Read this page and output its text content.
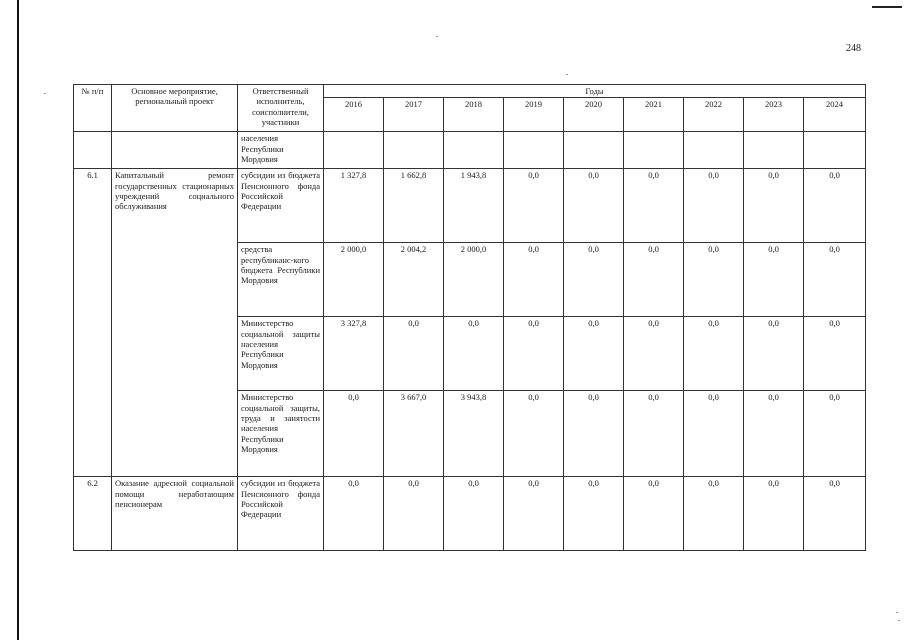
248
№ п/п	Основное мероприятие, региональный проект	Ответственный исполнитель, соисполнители, участники	Годы								
			2016	2017	2018	2019	2020	2021	2022	2023	2024
		населения Республики Мордовия									
6.1	Капитальный ремонт государственных стационарных учреждений социального обслуживания	субсидии из бюджета Пенсионного фонда Российской Федерации	1 327,8	1 662,8	1 943,8	0,0	0,0	0,0	0,0	0,0	0,0
		средства республиканс-кого бюджета Республики Мордовия	2 000,0	2 004,2	2 000,0	0,0	0,0	0,0	0,0	0,0	0,0
		Министерство социальной защиты населения Республики Мордовия	3 327,8	0,0	0,0	0,0	0,0	0,0	0,0	0,0	0,0
		Министерство социальной защиты, труда и занятости населения Республики Мордовия	0,0	3 667,0	3 943,8	0,0	0,0	0,0	0,0	0,0	0,0
6.2	Оказание адресной социальной помощи неработающим пенсионерам	субсидии из бюджета Пенсионного фонда Российской Федерации	0,0	0,0	0,0	0,0	0,0	0,0	0,0	0,0	0,0
